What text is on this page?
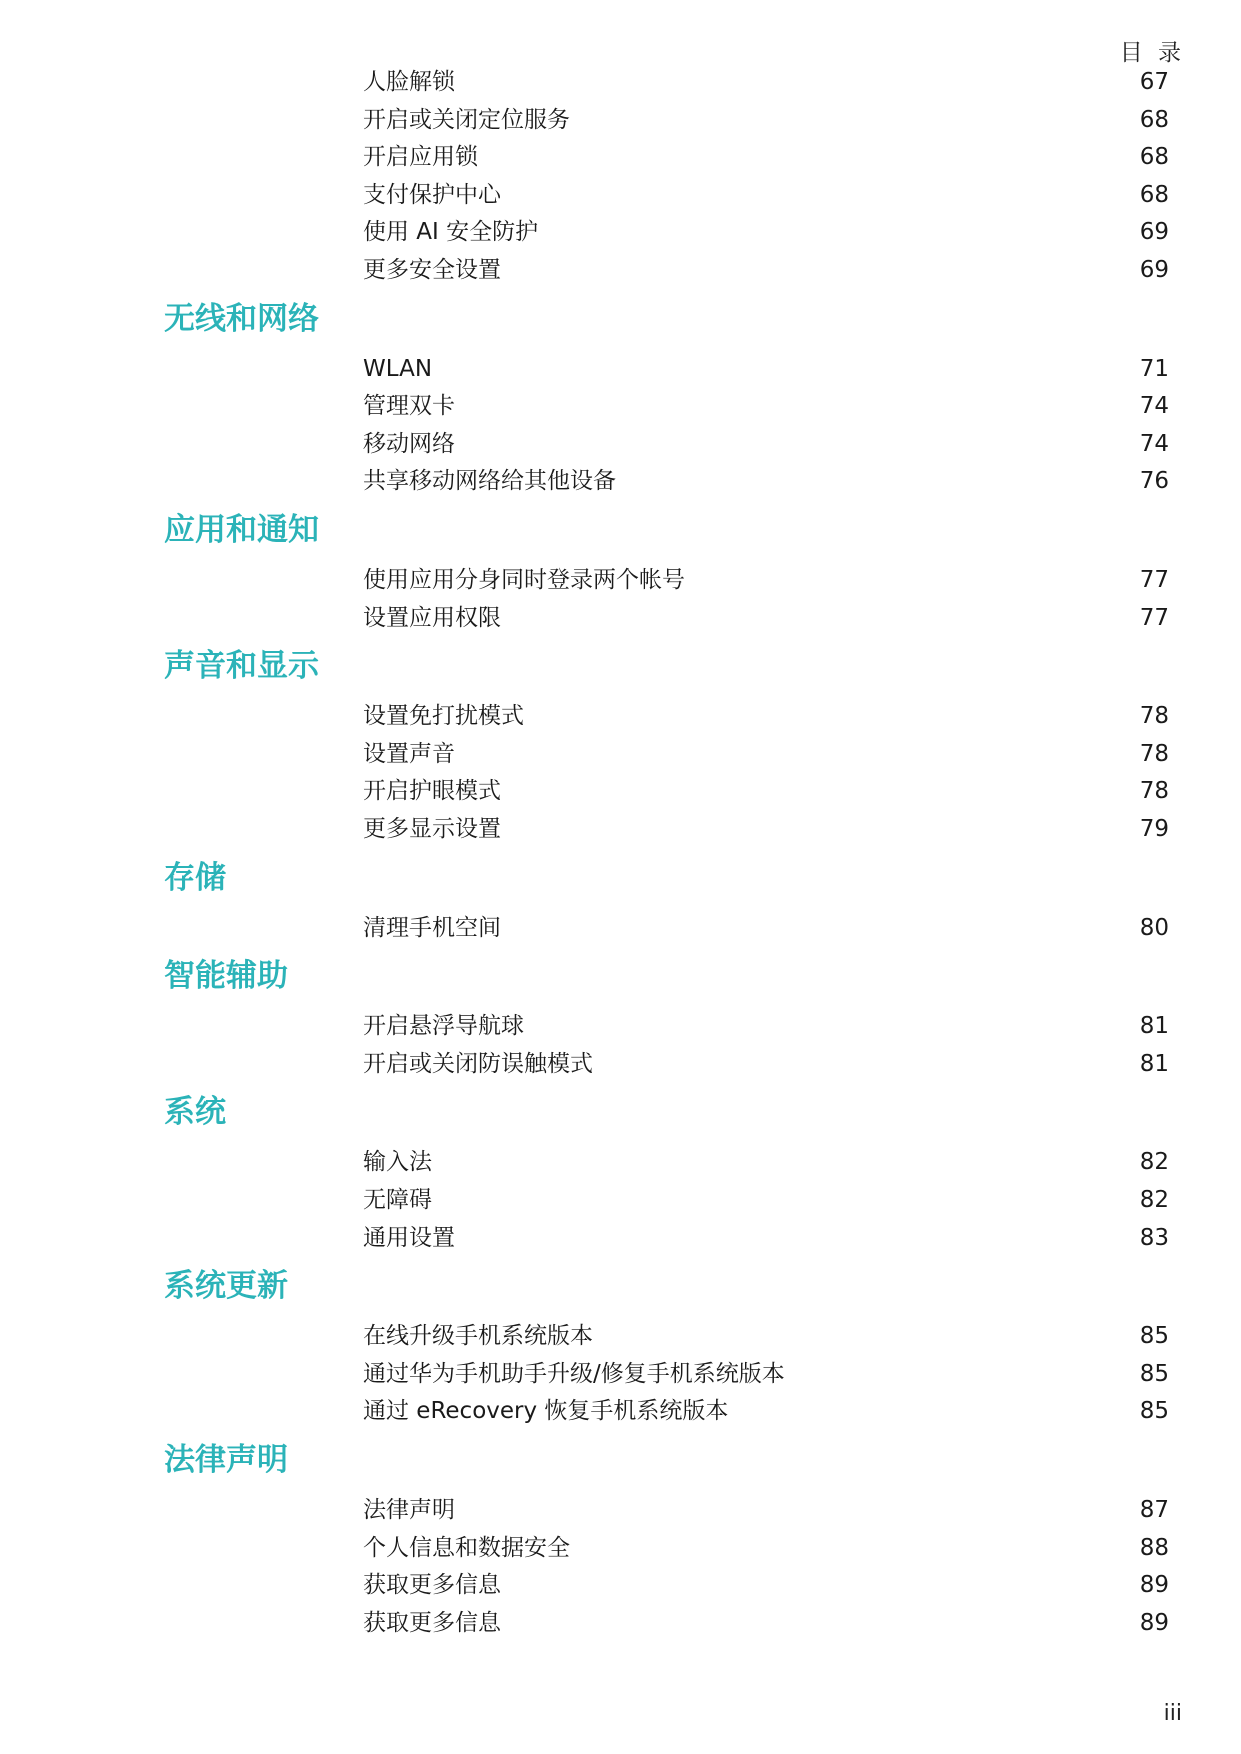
目 录
人脸解锁	67
开启或关闭定位服务	68
开启应用锁	68
支付保护中心	68
使用 AI 安全防护	69
更多安全设置	69
无线和网络
WLAN	71
管理双卡	74
移动网络	74
共享移动网络给其他设备	76
应用和通知
使用应用分身同时登录两个帐号	77
设置应用权限	77
声音和显示
设置免打扰模式	78
设置声音	78
开启护眼模式	78
更多显示设置	79
存储
清理手机空间	80
智能辅助
开启悬浮导航球	81
开启或关闭防误触模式	81
系统
输入法	82
无障碍	82
通用设置	83
系统更新
在线升级手机系统版本	85
通过华为手机助手升级/修复手机系统版本	85
通过 eRecovery 恢复手机系统版本	85
法律声明
法律声明	87
个人信息和数据安全	88
获取更多信息	89
获取更多信息	89
iii
